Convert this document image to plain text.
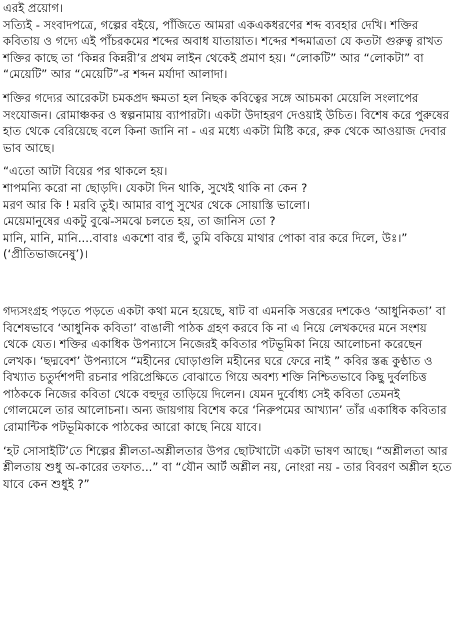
এরই প্রয়োগ।

সত্যিই - সংবাদপত্রে, গল্পের বইয়ে, পাঁজিতে আমরা একএকধরণের শব্দ ব্যবহার দেখি। শক্তির কবিতায় ও গদ্যে এই পাঁচরকমের শব্দের অবাধ যাতায়াত। শব্দের শব্দমাত্রতা যে কতটা গুরুত্ব রাখত শক্তির কাছে তা ‘কিন্নর কিন্নরী’র প্রথম লাইন থেকেই প্রমাণ হয়। “লোকটি” আর “লোকটা” বা “মেয়েটি” আর “মেয়েটি”-র শব্দন মর্যাদা আলাদা।

শক্তির গদ্যের আরেকটা চমকপ্রদ ক্ষমতা হল নিছক কবিত্বের সঙ্গে আচমকা মেয়েলি সংলাপের সংযোজন। রোমাঞ্চকর ও স্বল্পনামায় ব্যাপারটা। একটা উদাহরণ দেওয়াই উচিত। বিশেষ করে পুরুষের হাত থেকে বেরিয়েছে বলে কিনা জানি না - এর মধ্যে একটা মিষ্টি করে, রুক থেকে আওয়াজ দেবার ভাব আছে।

“এতো আটা বিয়ের পর থাকলে হয়।

শাপমন্যি করো না ছোড়দি। যেকটা দিন থাকি, সুখেই থাকি না কেন ?

মরণ আর কি ! মরবি তুই। আমার বাপু সুখের থেকে সোয়াস্তি ভালো।

মেয়েমানুষের একটু বুঝে-সমঝে চলতে হয়, তা জানিস তো ?

মানি, মানি, মানি....বাবাঃ একশো বার হুঁ, তুমি বকিয়ে মাথার পোকা বার করে দিলে, উঃ।” (‘প্রীতিভাজনেষু’)।

গদ্যসংগ্রহ পড়তে পড়তে একটা কথা মনে হয়েছে, ষাট বা এমনকি সত্তরের দশকেও ‘আধুনিকতা’ বা বিশেষভাবে ‘আধুনিক কবিতা’ বাঙালী পাঠক গ্রহণ করবে কি না এ নিয়ে লেখকদের মনে সংশয় থেকে যেত। শক্তির একাধিক উপন্যাসে নিজেরই কবিতার পটভূমিকা নিয়ে আলোচনা করেছেন লেখক। ‘ছদ্মবেশ’ উপন্যাসে “মহীনের ঘোড়াগুলি মহীনের ঘরে ফেরে নাই ” কবির স্তব্ধ কুণ্ঠাত ও বিখ্যাত চতুর্দশপদী রচনার পরিপ্রেক্ষিতে বোঝাতে গিয়ে অবশ্য শক্তি নিশ্চিতভাবে কিছু দুর্বলচিত্ত পাঠককে নিজের কবিতা থেকে বহুদূর তাড়িয়ে দিলেন। যেমন দুর্বোধ্য সেই কবিতা তেমনই গোলমেলে তার আলোচনা। অন্য জায়গায় বিশেষ করে ‘নিরুপমের আখ্যান’ তাঁর একাধিক কবিতার রোমান্টিক পটভূমিকাকে পাঠকের আরো কাছে নিয়ে যাবে।

‘হট সোসাইটি’তে শিল্পের শ্লীলতা-অশ্লীলতার উপর ছোটখাটো একটা ভাষণ আছে। “অশ্লীলতা আর শ্লীলতায় শুধু অ-কারের তফাত...” বা “যৌন আর্ট অশ্লীল নয়, নোংরা নয় - তার বিবরণ অশ্লীল হতে যাবে কেন শুধুই ?”
